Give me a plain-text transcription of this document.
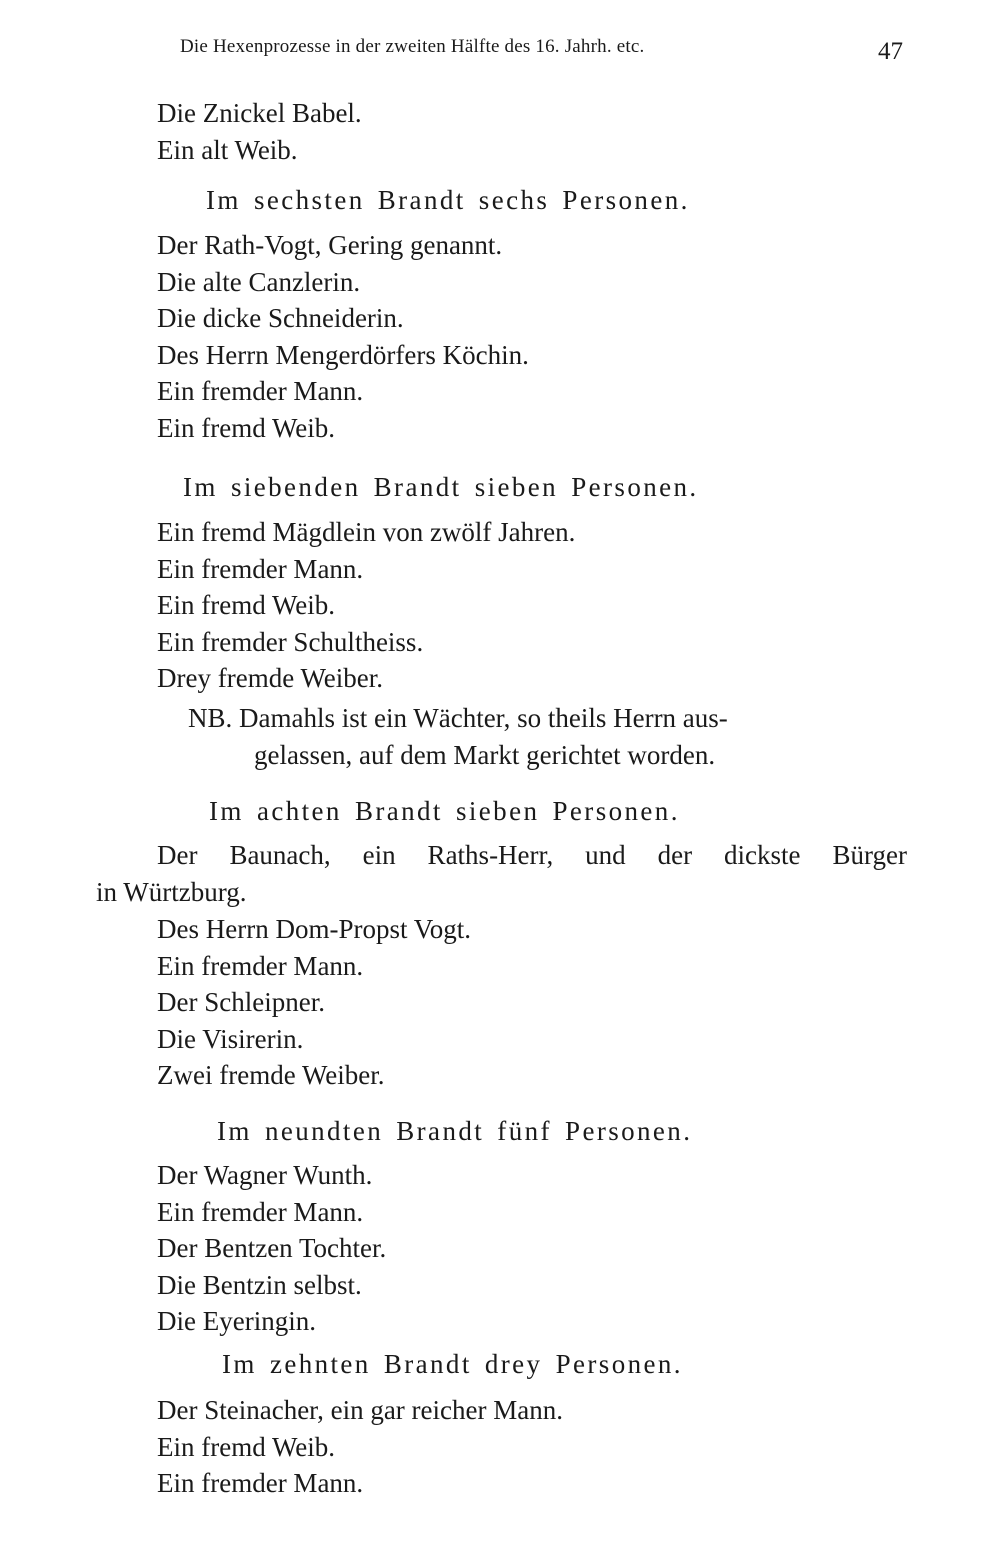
Die Hexenprozesse in der zweiten Hälfte des 16. Jahrh. etc.	47
Die Znickel Babel.
Ein alt Weib.
Im sechsten Brandt sechs Personen.
Der Rath-Vogt, Gering genannt.
Die alte Canzlerin.
Die dicke Schneiderin.
Des Herrn Mengerdörfers Köchin.
Ein fremder Mann.
Ein fremd Weib.
Im siebenden Brandt sieben Personen.
Ein fremd Mägdlein von zwölf Jahren.
Ein fremder Mann.
Ein fremd Weib.
Ein fremder Schultheiss.
Drey fremde Weiber.
NB. Damahls ist ein Wächter, so theils Herrn aus-
gelassen, auf dem Markt gerichtet worden.
Im achten Brandt sieben Personen.
Der Baunach, ein Raths-Herr, und der dickste Bürger
in Würtzburg.
Des Herrn Dom-Propst Vogt.
Ein fremder Mann.
Der Schleipner.
Die Visirerin.
Zwei fremde Weiber.
Im neundten Brandt fünf Personen.
Der Wagner Wunth.
Ein fremder Mann.
Der Bentzen Tochter.
Die Bentzin selbst.
Die Eyeringin.
Im zehnten Brandt drey Personen.
Der Steinacher, ein gar reicher Mann.
Ein fremd Weib.
Ein fremder Mann.
